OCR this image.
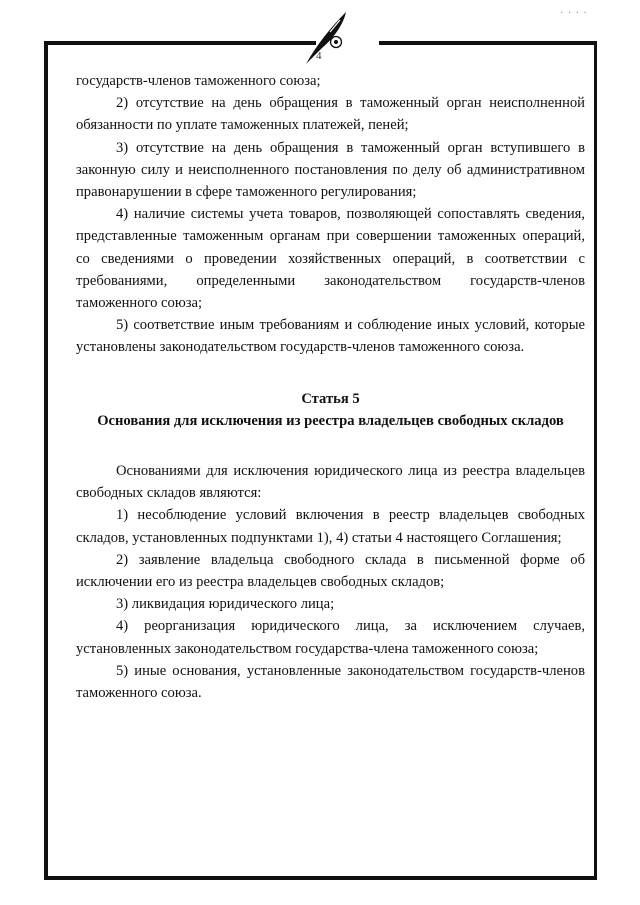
· · · ·
4

государств-членов таможенного союза;

2) отсутствие на день обращения в таможенный орган неисполненной обязанности по уплате таможенных платежей, пеней;

3) отсутствие на день обращения в таможенный орган вступившего в законную силу и неисполненного постановления по делу об административном правонарушении в сфере таможенного регулирования;

4) наличие системы учета товаров, позволяющей сопоставлять сведения, представленные таможенным органам при совершении таможенных операций, со сведениями о проведении хозяйственных операций, в соответствии с требованиями, определенными законодательством государств-членов таможенного союза;

5) соответствие иным требованиям и соблюдение иных условий, которые установлены законодательством государств-членов таможенного союза.

Статья 5

Основания для исключения из реестра владельцев свободных складов

Основаниями для исключения юридического лица из реестра владельцев свободных складов являются:

1) несоблюдение условий включения в реестр владельцев свободных складов, установленных подпунктами 1), 4) статьи 4 настоящего Соглашения;

2) заявление владельца свободного склада в письменной форме об исключении его из реестра владельцев свободных складов;

3) ликвидация юридического лица;

4) реорганизация юридического лица, за исключением случаев, установленных законодательством государства-члена таможенного союза;

5) иные основания, установленные законодательством государств-членов таможенного союза.
